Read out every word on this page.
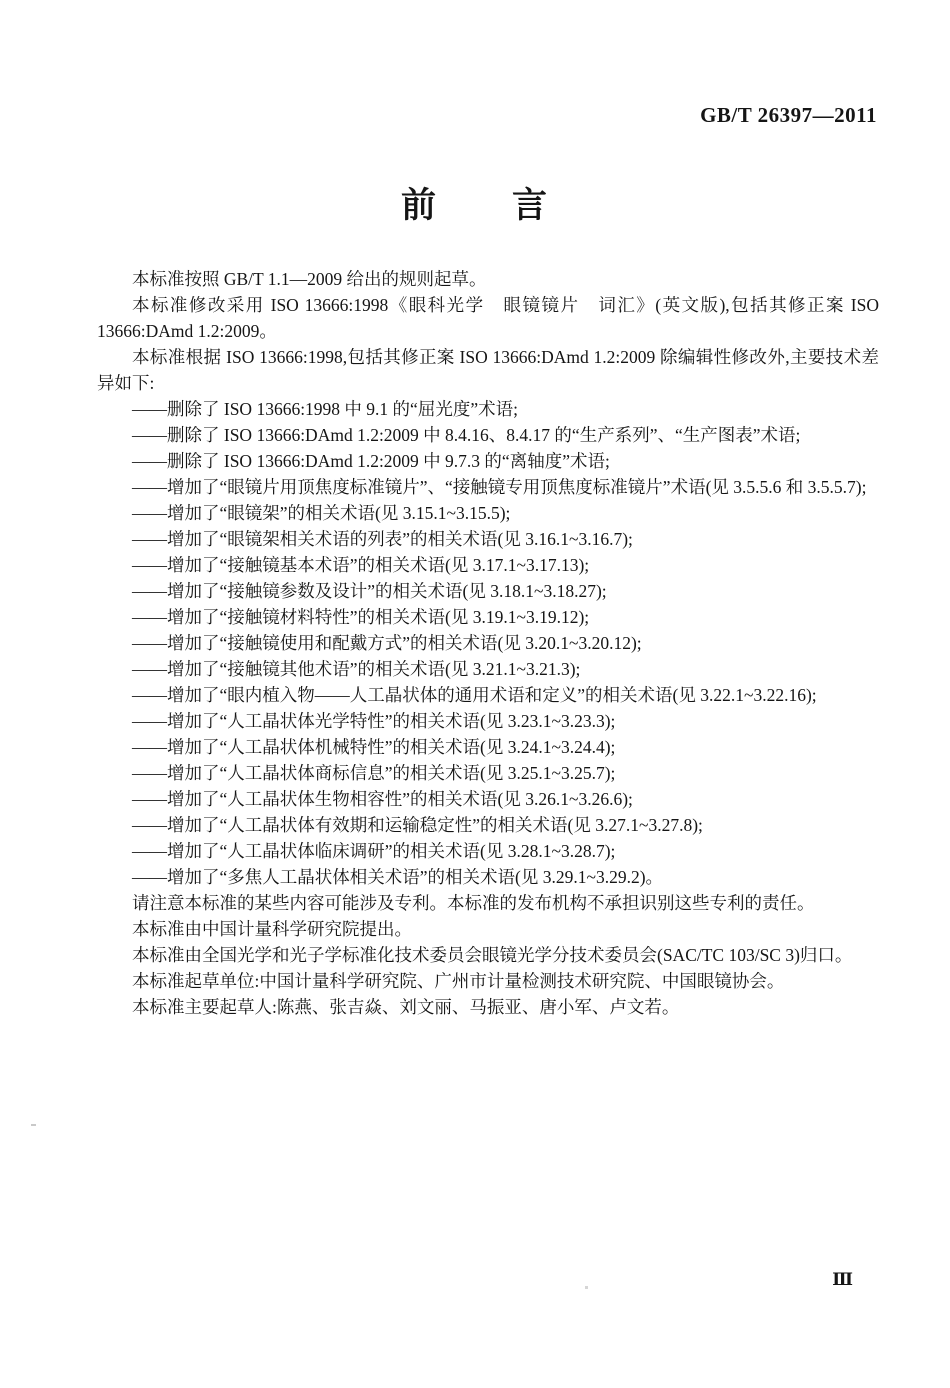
GB/T 26397—2011
前　　言

本标准按照 GB/T 1.1—2009 给出的规则起草。

本标准修改采用 ISO 13666:1998《眼科光学　眼镜镜片　词汇》(英文版),包括其修正案 ISO 13666:DAmd 1.2:2009。

本标准根据 ISO 13666:1998,包括其修正案 ISO 13666:DAmd 1.2:2009 除编辑性修改外,主要技术差异如下:

——删除了 ISO 13666:1998 中 9.1 的“屈光度”术语;

——删除了 ISO 13666:DAmd 1.2:2009 中 8.4.16、8.4.17 的“生产系列”、“生产图表”术语;

——删除了 ISO 13666:DAmd 1.2:2009 中 9.7.3 的“离轴度”术语;

——增加了“眼镜片用顶焦度标准镜片”、“接触镜专用顶焦度标准镜片”术语(见 3.5.5.6 和 3.5.5.7);

——增加了“眼镜架”的相关术语(见 3.15.1~3.15.5);

——增加了“眼镜架相关术语的列表”的相关术语(见 3.16.1~3.16.7);

——增加了“接触镜基本术语”的相关术语(见 3.17.1~3.17.13);

——增加了“接触镜参数及设计”的相关术语(见 3.18.1~3.18.27);

——增加了“接触镜材料特性”的相关术语(见 3.19.1~3.19.12);

——增加了“接触镜使用和配戴方式”的相关术语(见 3.20.1~3.20.12);

——增加了“接触镜其他术语”的相关术语(见 3.21.1~3.21.3);

——增加了“眼内植入物——人工晶状体的通用术语和定义”的相关术语(见 3.22.1~3.22.16);

——增加了“人工晶状体光学特性”的相关术语(见 3.23.1~3.23.3);

——增加了“人工晶状体机械特性”的相关术语(见 3.24.1~3.24.4);

——增加了“人工晶状体商标信息”的相关术语(见 3.25.1~3.25.7);

——增加了“人工晶状体生物相容性”的相关术语(见 3.26.1~3.26.6);

——增加了“人工晶状体有效期和运输稳定性”的相关术语(见 3.27.1~3.27.8);

——增加了“人工晶状体临床调研”的相关术语(见 3.28.1~3.28.7);

——增加了“多焦人工晶状体相关术语”的相关术语(见 3.29.1~3.29.2)。

请注意本标准的某些内容可能涉及专利。本标准的发布机构不承担识别这些专利的责任。

本标准由中国计量科学研究院提出。

本标准由全国光学和光子学标准化技术委员会眼镜光学分技术委员会(SAC/TC 103/SC 3)归口。

本标准起草单位:中国计量科学研究院、广州市计量检测技术研究院、中国眼镜协会。

本标准主要起草人:陈燕、张吉焱、刘文丽、马振亚、唐小军、卢文若。

Ⅲ
